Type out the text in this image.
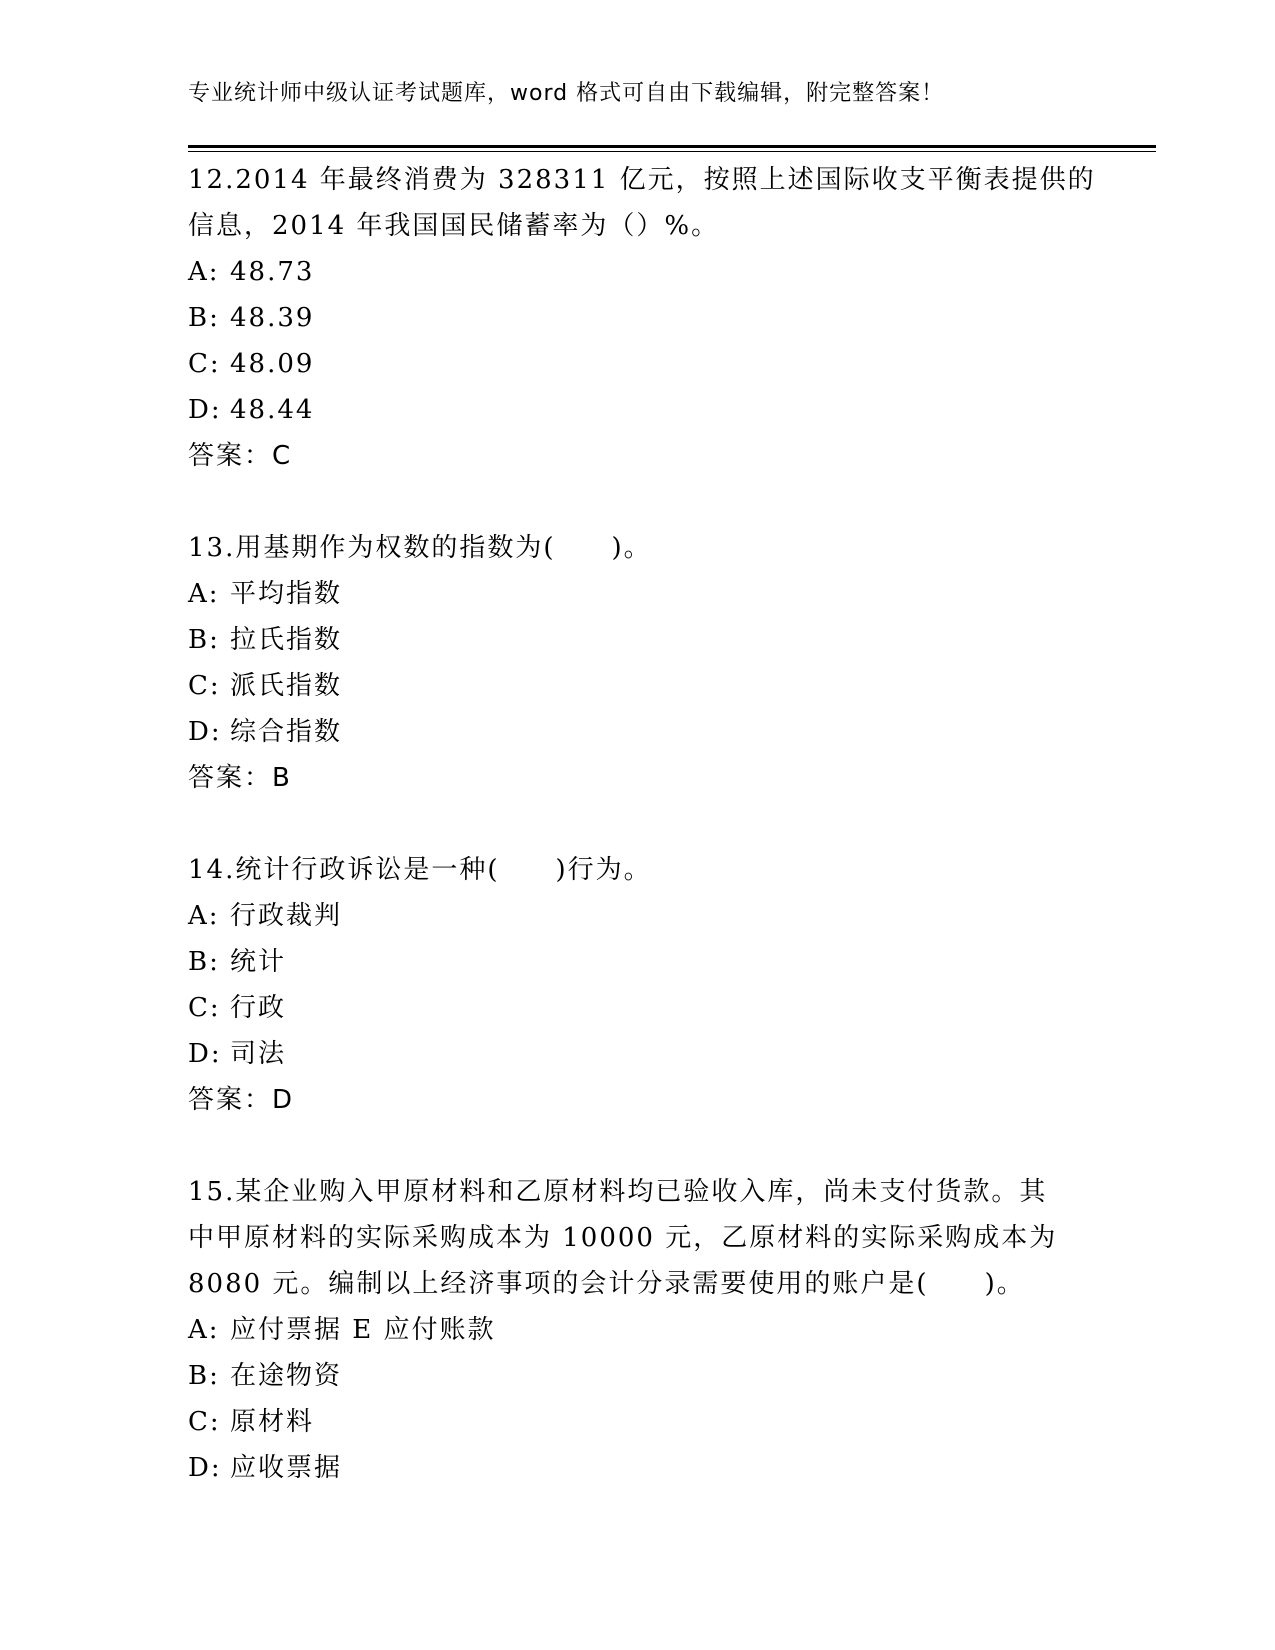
专业统计师中级认证考试题库，word 格式可自由下载编辑，附完整答案！
12.2014 年最终消费为 328311 亿元，按照上述国际收支平衡表提供的
信息，2014 年我国国民储蓄率为（）%。
A: 48.73
B: 48.39
C: 48.09
D: 48.44
答案：C
13.用基期作为权数的指数为(　　)。
A: 平均指数
B: 拉氏指数
C: 派氏指数
D: 综合指数
答案：B
14.统计行政诉讼是一种(　　)行为。
A: 行政裁判
B: 统计
C: 行政
D: 司法
答案：D
15.某企业购入甲原材料和乙原材料均已验收入库，尚未支付货款。其
中甲原材料的实际采购成本为 10000 元，乙原材料的实际采购成本为
8080 元。编制以上经济事项的会计分录需要使用的账户是(　　)。
A: 应付票据 E 应付账款
B: 在途物资
C: 原材料
D: 应收票据
